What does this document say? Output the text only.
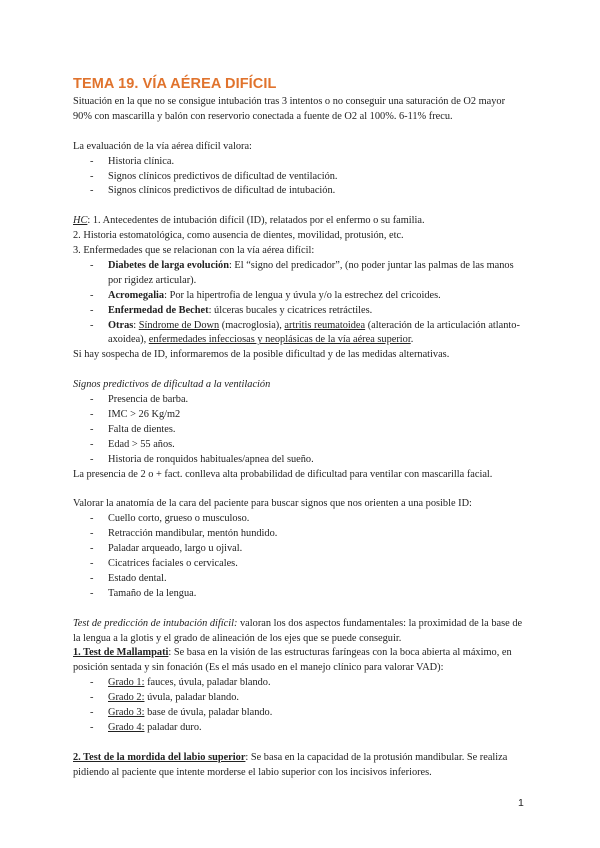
TEMA 19. VÍA AÉREA DIFÍCIL

Situación en la que no se consigue intubación tras 3 intentos o no conseguir una saturación de O2 mayor 90% con mascarilla y balón con reservorio conectada a fuente de O2 al 100%. 6-11% frecu.

La evaluación de la vía aérea difícil valora:

- Historia clínica.
- Signos clínicos predictivos de dificultad de ventilación.
- Signos clínicos predictivos de dificultad de intubación.

HC: 1. Antecedentes de intubación difícil (ID), relatados por el enfermo o su familia.

2. Historia estomatológica, como ausencia de dientes, movilidad, protusión, etc.

3. Enfermedades que se relacionan con la vía aérea difícil:

- Diabetes de larga evolución: El “signo del predicador”, (no poder juntar las palmas de las manos por rigidez articular).
- Acromegalia: Por la hipertrofia de lengua y úvula y/o la estrechez del cricoides.
- Enfermedad de Bechet: úlceras bucales y cicatrices retráctiles.
- Otras: Síndrome de Down (macroglosia), artritis reumatoidea (alteración de la articulación atlanto-axoidea), enfermedades infecciosas y neoplásicas de la vía aérea superior.

Si hay sospecha de ID, informaremos de la posible dificultad y de las medidas alternativas.

Signos predictivos de dificultad a la ventilación

- Presencia de barba.
- IMC > 26 Kg/m2
- Falta de dientes.
- Edad > 55 años.
- Historia de ronquidos habituales/apnea del sueño.

La presencia de 2 o + fact. conlleva alta probabilidad de dificultad para ventilar con mascarilla facial.

Valorar la anatomía de la cara del paciente para buscar signos que nos orienten a una posible ID:

- Cuello corto, grueso o musculoso.
- Retracción mandibular, mentón hundido.
- Paladar arqueado, largo u ojival.
- Cicatrices faciales o cervicales.
- Estado dental.
- Tamaño de la lengua.

Test de predicción de intubación difícil: valoran los dos aspectos fundamentales: la proximidad de la base de la lengua a la glotis y el grado de alineación de los ejes que se puede conseguir.

1. Test de Mallampati: Se basa en la visión de las estructuras faríngeas con la boca abierta al máximo, en posición sentada y sin fonación (Es el más usado en el manejo clínico para valorar VAD):

- Grado 1: fauces, úvula, paladar blando.
- Grado 2: úvula, paladar blando.
- Grado 3: base de úvula, paladar blando.
- Grado 4: paladar duro.

2. Test de la mordida del labio superior: Se basa en la capacidad de la protusión mandibular. Se realiza pidiendo al paciente que intente morderse el labio superior con los incisivos inferiores.

1
